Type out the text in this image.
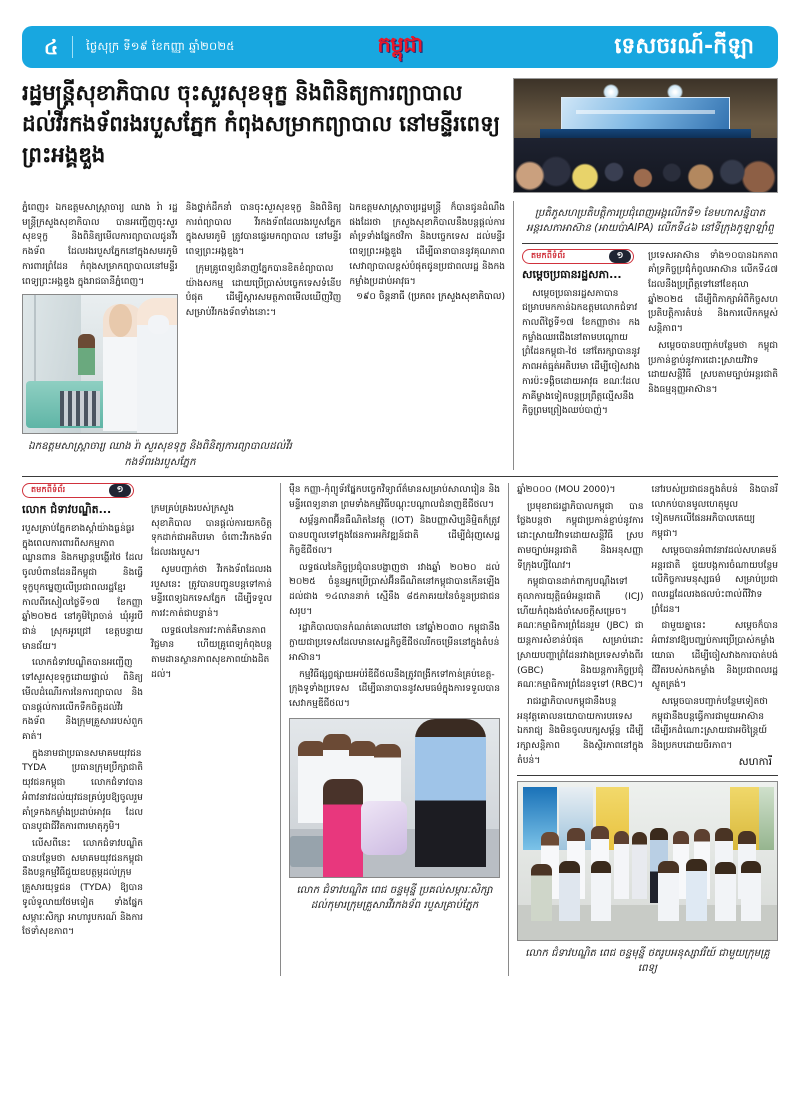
៤	ថ្ងៃសុក្រ ទី១៩ ខែកញ្ញា ឆ្នាំ២០២៥	កម្ពុជា	ទេសចរណ៍-កីឡា
រដ្ឋមន្ត្រីសុខាភិបាល ចុះសួរសុខទុក្ខ និងពិនិត្យការព្យាបាលដល់វីរកងទ័ពរងរបួសភ្នែក កំពុងសម្រាកព្យាបាល នៅមន្ទីរពេទ្យព្រះអង្គឌួង

ភ្នំពេញ៖ ឯកឧត្តមសាស្ត្រាចារ្យ ឈាង រ៉ា រដ្ឋមន្ត្រីក្រសួងសុខាភិបាល បានអញ្ជើញចុះសួរសុខទុក្ខ និងពិនិត្យមើលការព្យាបាលជូនវីរកងទ័ព ដែលរងរបួសភ្នែកនៅក្នុងសមរភូមិការពារព្រំដែន កំពុងសម្រាកព្យាបាលនៅមន្ទីរពេទ្យព្រះអង្គឌួង ក្នុងរាជធានីភ្នំពេញ។

និងថ្នាក់ដឹកនាំ បានចុះសួរសុខទុក្ខ និងពិនិត្យការព់ព្យាបាល វីរកងទ័ពដែលរងរបួសភ្នែកក្នុងសមរភូមិ ត្រូវបានផ្ទេរមកព្យាបាល នៅមន្ទីរពេទ្យព្រះអង្គឌួង។

ក្រុមគ្រូពេទ្យជំនាញភ្នែកបានខិតខំព្យាបាលយ៉ាងសកម្ម ដោយប្រើប្រាស់បច្ចេកទេសទំនើបបំផុត ដើម្បីស្តារសមត្ថភាពមើលឃើញវិញសម្រាប់វីរកងទ័ពទាំងនោះ។

ឯកឧត្តមសាស្ត្រាចារ្យរដ្ឋមន្ត្រី ក៏បានជូនដំណឹងផងដែរថា ក្រសួងសុខាភិបាលនឹងបន្តផ្តល់ការគាំទ្រទាំងផ្នែកថវិកា និងបច្ចេកទេស ដល់មន្ទីរពេទ្យព្រះអង្គឌួង ដើម្បីធានាបាននូវគុណភាពសេវាព្យាបាលខ្ពស់បំផុតជូនប្រជាពលរដ្ឋ និងកងកម្លាំងប្រដាប់អាវុធ។

១៩០ ចិន្តនាធី (ប្រភព៖ ក្រសួងសុខាភិបាល)
ឯកឧត្តមសាស្ត្រាចារ្យ ឈាង រ៉ា សួរសុខទុក្ខ និងពិនិត្យការព្យាបាលដល់វីរកងទ័ពរងរបួសភ្នែក
ប្រតិភូសហប្រតិបត្តិការប្រជុំពេញអង្គលើកទី១ ខែមហាសន្និបាតអន្តរសភាអាស៊ាន (អាយប៉ាAIPA) លើកទី៤៦ នៅទីក្រុងកូឡាឡាំពួ
តមកពីទំព័រ	១
សម្តេចប្រធានរដ្ឋសភា...

សម្តេចប្រធានរដ្ឋសភាបានជម្រាបមកកាន់ឯកឧត្តមលោកជំទាវ កាលពីថ្ងៃទី១៧ ខែកញ្ញាថា៖ កងកម្លាំងឈរជើងនៅតាមបណ្តោយព្រំដែនកម្ពុជា-ថៃ នៅតែរក្សាបាននូវភាពអត់ធ្មត់អតិបរមា ដើម្បីចៀសវាងការប៉ះទង្គិចដោយអាវុធ ខណៈដែលភាគីម្ខាងទៀតបន្តប្រព្រឹត្តល្មើសនឹងកិច្ចព្រមព្រៀងឈប់បាញ់។

ប្រទេសអាស៊ាន ទាំង១០បានឯកភាពគាំទ្រកិច្ចប្រជុំកំពូលអាស៊ាន លើកទី៤៧ ដែលនឹងប្រព្រឹត្តទៅនៅខែតុលា ឆ្នាំ២០២៥ ដើម្បីពិភាក្សាអំពីកិច្ចសហប្រតិបត្តិការតំបន់ និងការលើកកម្ពស់សន្តិភាព។

សម្តេចបានបញ្ជាក់បន្ថែមថា កម្ពុជាប្រកាន់ខ្ជាប់នូវការដោះស្រាយវិវាទដោយសន្តិវិធី ស្របតាមច្បាប់អន្តរជាតិ និងធម្មនុញ្ញអាស៊ាន។

តមកពីទំព័រ	១
លោក ជំទាវបណ្ឌិត...

របួសគ្រាប់ភ្នែកខាងស្តាំយ៉ាងធ្ងន់ធ្ងរ ក្នុងពេលការពារពីសកម្មភាពឈ្លានពាន និងកម្សាន្តបង្ហើរថៃ ដែលចូលបំពានដែនដីកម្ពុជា និងធ្វើទុក្ខបុកម្នេញលើប្រជាពលរដ្ឋខ្មែរ កាលពីរសៀលថ្ងៃទី១៧ ខែកញ្ញាឆ្នាំ២០២៥ នៅភូមិព្រៃចាន់ ឃុំអូរបីជាន់ ស្រុកអូរជ្រៅ ខេត្តបន្ទាយមានជ័យ។

លោកជំទាវបណ្ឌិតបានអញ្ជើញទៅសួរសុខទុក្ខដោយផ្ទាល់ ពិនិត្យមើលដំណើរការនៃការព្យាបាល និងបានផ្តល់ការលើកទឹកចិត្តដល់វីរកងទ័ព និងក្រុមគ្រួសាររបស់ពួកគាត់។

ក្នុងនាមជាប្រធានសមាគមយុវជន TYDA ប្រធានក្រុមប្រឹក្សាជាតិយុវជនកម្ពុជា លោកជំទាវបានអំពាវនាវដល់យុវជនគ្រប់រូបឱ្យចូលរួមគាំទ្រកងកម្លាំងប្រដាប់អាវុធ ដែលបានបូជាជីវិតការពារមាតុភូមិ។

លើសពីនេះ លោកជំទាវបណ្ឌិតបានបន្ថែមថា សមាគមយុវជនកម្ពុជា នឹងបន្តកម្មវិធីជួយឧបត្ថម្ភដល់ក្រុមគ្រួសារយុទ្ធជន (TYDA) ឱ្យបានទូលំទូលាយថែមទៀត ទាំងផ្នែកសម្ភារៈសិក្សា អាហារូបករណ៍ និងការថែទាំសុខភាព។

ក្រមគ្រប់គ្រងរបស់ក្រសួងសុខាភិបាល បានផ្តល់ការយកចិត្តទុកដាក់ជាអតិបរមា ចំពោះវីរកងទ័ពដែលរងរបួស។

សូមបញ្ជាក់ថា វីរកងទ័ពដែលរងរបួសនេះ ត្រូវបានបញ្ជូនបន្តទៅកាន់មន្ទីរពេទ្យឯកទេសភ្នែក ដើម្បីទទួលការវះកាត់ជាបន្ទាន់។

លទ្ធផលនៃការវះកាត់គឺមានភាពវិជ្ជមាន ហើយគ្រូពេទ្យកំពុងបន្តតាមដានស្ថានភាពសុខភាពយ៉ាងដិតដល់។

ម៉ឺន កញ្ញា-កុំព្យូទ័រផ្នែកបច្ចេកវិទ្យាព័ត៌មានសម្រាប់សាលារៀន និងមន្ទីរពេទ្យនានា ព្រមទាំងកម្មវិធីបណ្តុះបណ្តាលជំនាញឌីជីថល។

សម្ព័ន្ធភាពអ៊ីនធឺណិតនៃវត្ថុ (IOT) និងបញ្ញាសិប្បនិម្មិតក៏ត្រូវបានបញ្ចូលទៅក្នុងផែនការអភិវឌ្ឍន៍ជាតិ ដើម្បីជំរុញសេដ្ឋកិច្ចឌីជីថល។

លទ្ធផលនៃកិច្ចប្រជុំបានបង្ហាញថា រវាងឆ្នាំ ២០២០ ដល់ ២០២៥ ចំនួនអ្នកប្រើប្រាស់អ៊ីនធឺណិតនៅកម្ពុជាបានកើនឡើងដល់ជាង ១៤លាននាក់ ស្មើនឹង ៨៥ភាគរយនៃចំនួនប្រជាជនសរុប។

រដ្ឋាភិបាលបានកំណត់គោលដៅថា នៅឆ្នាំ២០៣០ កម្ពុជានឹងក្លាយជាប្រទេសដែលមានសេដ្ឋកិច្ចឌីជីថលរីកចម្រើននៅក្នុងតំបន់អាស៊ាន។

កម្មវិធីផ្សព្វផ្សាយអប់រំឌីជីថលនឹងត្រូវពង្រីកទៅកាន់គ្រប់ខេត្ត-ក្រុងទូទាំងប្រទេស ដើម្បីធានាបាននូវសមធម៌ក្នុងការទទួលបានសេវាកម្មឌីជីថល។

លោក ជំទាវបណ្ឌិត ពេជ ចន្ទមុន្នី ប្រគល់សម្ភារៈសិក្សាដល់កុមារក្រុមគ្រួសារវីរកងទ័ព របួសគ្រាប់ភ្នែក

ឆ្នាំ២០០០ (MOU 2000)។

ប្រមុខរាជរដ្ឋាភិបាលកម្ពុជា បានថ្លែងបន្តថា កម្ពុជាប្រកាន់ខ្ជាប់នូវការដោះស្រាយវិវាទដោយសន្តិវិធី ស្របតាមច្បាប់អន្តរជាតិ និងអនុសញ្ញាទីក្រុងហ្សឺណែវ។

កម្ពុជាបានដាក់ពាក្យបណ្តឹងទៅតុលាការយុត្តិធម៌អន្តរជាតិ (ICJ) ហើយកំពុងរង់ចាំសេចក្តីសម្រេច។ គណៈកម្មាធិការព្រំដែនរួម (JBC) ជាយន្តការសំខាន់បំផុត សម្រាប់ដោះស្រាយបញ្ហាព្រំដែនរវាងប្រទេសទាំងពីរ (GBC) និងយន្តការកិច្ចប្រជុំគណៈកម្មាធិការព្រំដែនទូទៅ (RBC)។

រាជរដ្ឋាភិបាលកម្ពុជានឹងបន្តអនុវត្តគោលនយោបាយការបរទេសឯករាជ្យ និងមិនចូលបក្សសម្ព័ន្ធ ដើម្បីរក្សាសន្តិភាព និងស្ថិរភាពនៅក្នុងតំបន់។

នៅរបស់ប្រជាជនក្នុងតំបន់ និងបានរីលោកប់បានមូលហេតុមូលទៀតមកលើផែនអភិបាលតេយ្យកម្ពុជា។

សម្តេចបានអំពាវនាវដល់សហគមន៍អន្តរជាតិ ជួយបង្កការចំណាយបន្ថែមលើកិច្ចការមនុស្សធម៌ សម្រាប់ប្រជាពលរដ្ឋដែលរងផលប៉ះពាល់ពីវិវាទព្រំដែន។

ជាមួយគ្នានេះ សម្តេចក៏បានអំពាវនាវឱ្យបញ្ឈប់ការប្រើប្រាស់កម្លាំងយោធា ដើម្បីចៀសវាងការបាត់បង់ជីវិតរបស់កងកម្លាំង និងប្រជាពលរដ្ឋស្លូតត្រង់។

សម្តេចបានបញ្ជាក់បន្ថែមទៀតថា កម្ពុជានឹងបន្តធ្វើការជាមួយអាស៊ាន ដើម្បីរកដំណោះស្រាយជាអចិន្ត្រៃយ៍ និងប្រកបដោយចីរភាព។

សហការី
លោក ជំទាវបណ្ឌិត ពេជ ចន្ទមុន្នី ថតរូបអនុស្សាវរីយ៍ ជាមួយក្រុមគ្រូពេទ្យ
